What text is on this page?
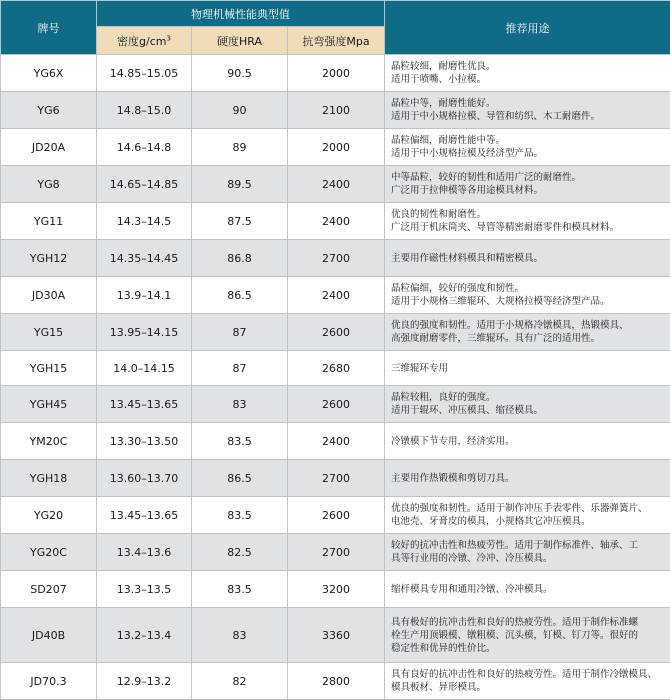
牌号	物理机械性能典型值			推荐用途
	密度$g/cm^3$	硬度HRA	抗弯强度Mpa	
YG6X	14.85–15.05	90.5	2000	晶粒较细，耐磨性优良。
适用于喷嘴、小拉模。
YG6	14.8–15.0	90	2100	晶粒中等，耐磨性能好。
适用于中小规格拉模、导管和纺织、木工耐磨件。
JD20A	14.6–14.8	89	2000	晶粒偏细，耐磨性能中等。
适用于中小规格拉模及经济型产品。
YG8	14.65–14.85	89.5	2400	中等晶粒，较好的韧性和适用广泛的耐磨性。
广泛用于拉伸模等各用途模具材料。
YG11	14.3–14.5	87.5	2400	优良的韧性和耐磨性。
广泛用于机床筒夹、导管等精密耐磨零件和模具材料。
YGH12	14.35–14.45	86.8	2700	主要用作磁性材料模具和精密模具。
JD30A	13.9–14.1	86.5	2400	晶粒偏细，较好的强度和韧性。
适用于小规格三维辊环、大规格拉模等经济型产品。
YG15	13.95–14.15	87	2600	优良的强度和韧性。适用于小规格冷镦模具，热锻模具、
高强度耐磨零件，三维辊环。具有广泛的适用性。
YGH15	14.0–14.15	87	2680	三维辊环专用
YGH45	13.45–13.65	83	2600	晶粒较粗，良好的强度。
适用于辊环、冲压模具、缩径模具。
YM20C	13.30–13.50	83.5	2400	冷镦模下节专用，经济实用。
YGH18	13.60–13.70	86.5	2700	主要用作热锻模和剪切刀具。
YG20	13.45–13.65	83.5	2600	优良的强度和韧性。适用于制作冲压手表零件、乐器弹簧片、
电池壳、牙膏皮的模具，小规格其它冲压模具。
YG20C	13.4–13.6	82.5	2700	较好的抗冲击性和热疲劳性。适用于制作标准件、轴承、工
具等行业用的冷镦、冷冲、冷压模具。
SD207	13.3–13.5	83.5	3200	缩杆模具专用和通用冷镦、冷冲模具。
JD40B	13.2–13.4	83	3360	具有极好的抗冲击性和良好的热疲劳性。适用于制作标准螺
栓生产用顶锻模、镦粗模、沉头模，钉模、钉刀等。很好的
稳定性和优异的性价比。
JD70.3	12.9–13.2	82	2800	具有良好的抗冲击性和良好的热疲劳性。适用于制作冷镦模具、模具板材、异形模具。
